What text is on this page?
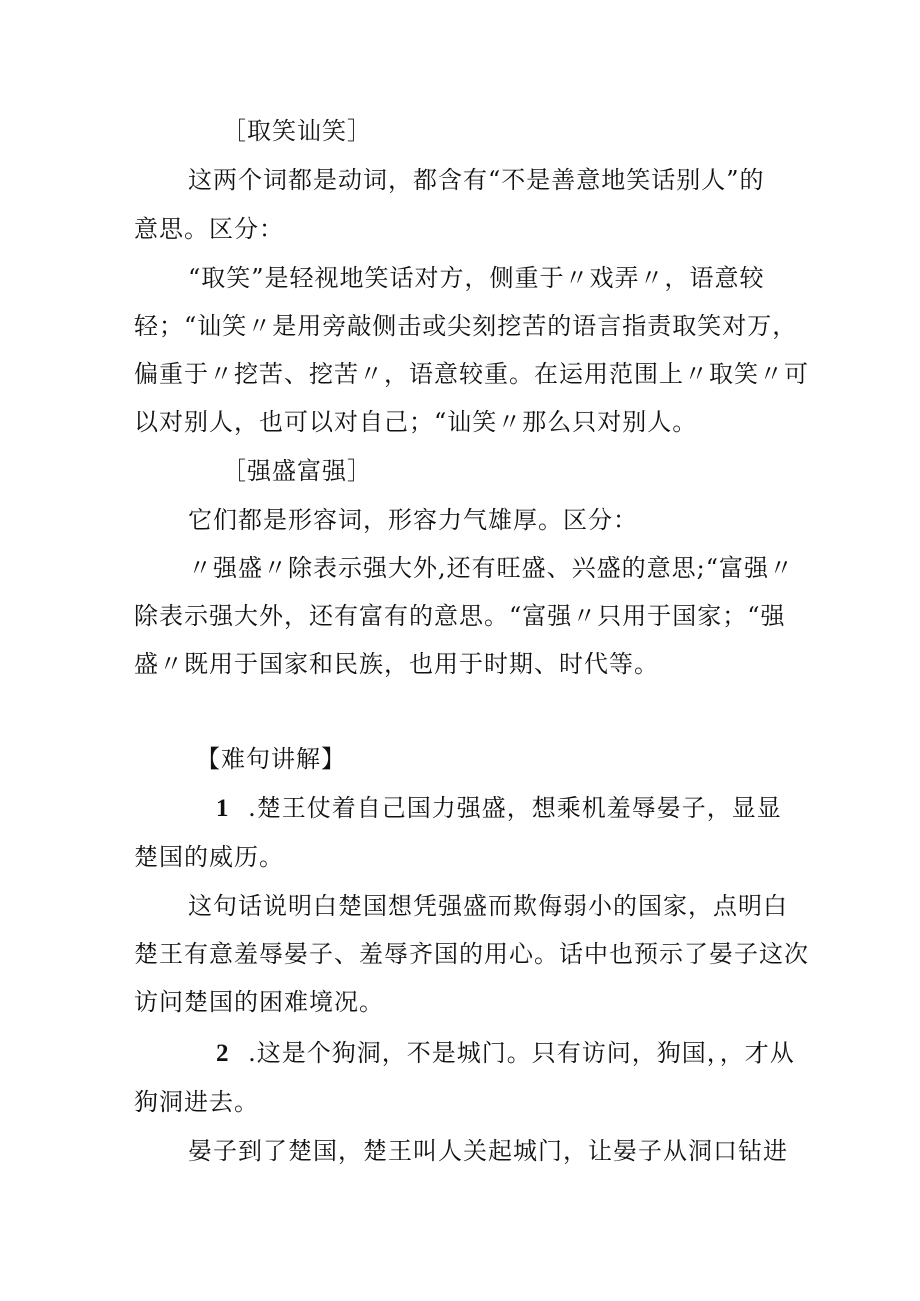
［取笑讪笑］
这两个词都是动词，都含有“不是善意地笑话别人”的
意思。区分：
“取笑”是轻视地笑话对方，侧重于〃戏弄〃，语意较
轻；“讪笑〃是用旁敲侧击或尖刻挖苦的语言指责取笑对万，
偏重于〃挖苦、挖苦〃，语意较重。在运用范围上〃取笑〃可
以对别人，也可以对自己；“讪笑〃那么只对别人。
［强盛富强］
它们都是形容词，形容力气雄厚。区分：
〃强盛〃除表示强大外,还有旺盛、兴盛的意思;“富强〃
除表示强大外，还有富有的意思。“富强〃只用于国家；“强
盛〃既用于国家和民族，也用于时期、时代等。
【难句讲解】
1 .楚王仗着自己国力强盛，想乘机羞辱晏子，显显
楚国的威历。
这句话说明白楚国想凭强盛而欺侮弱小的国家，点明白
楚王有意羞辱晏子、羞辱齐国的用心。话中也预示了晏子这次
访问楚国的困难境况。
2 .这是个狗洞，不是城门。只有访问，狗国，，才从
狗洞进去。
晏子到了楚国，楚王叫人关起城门，让晏子从洞口钻进
